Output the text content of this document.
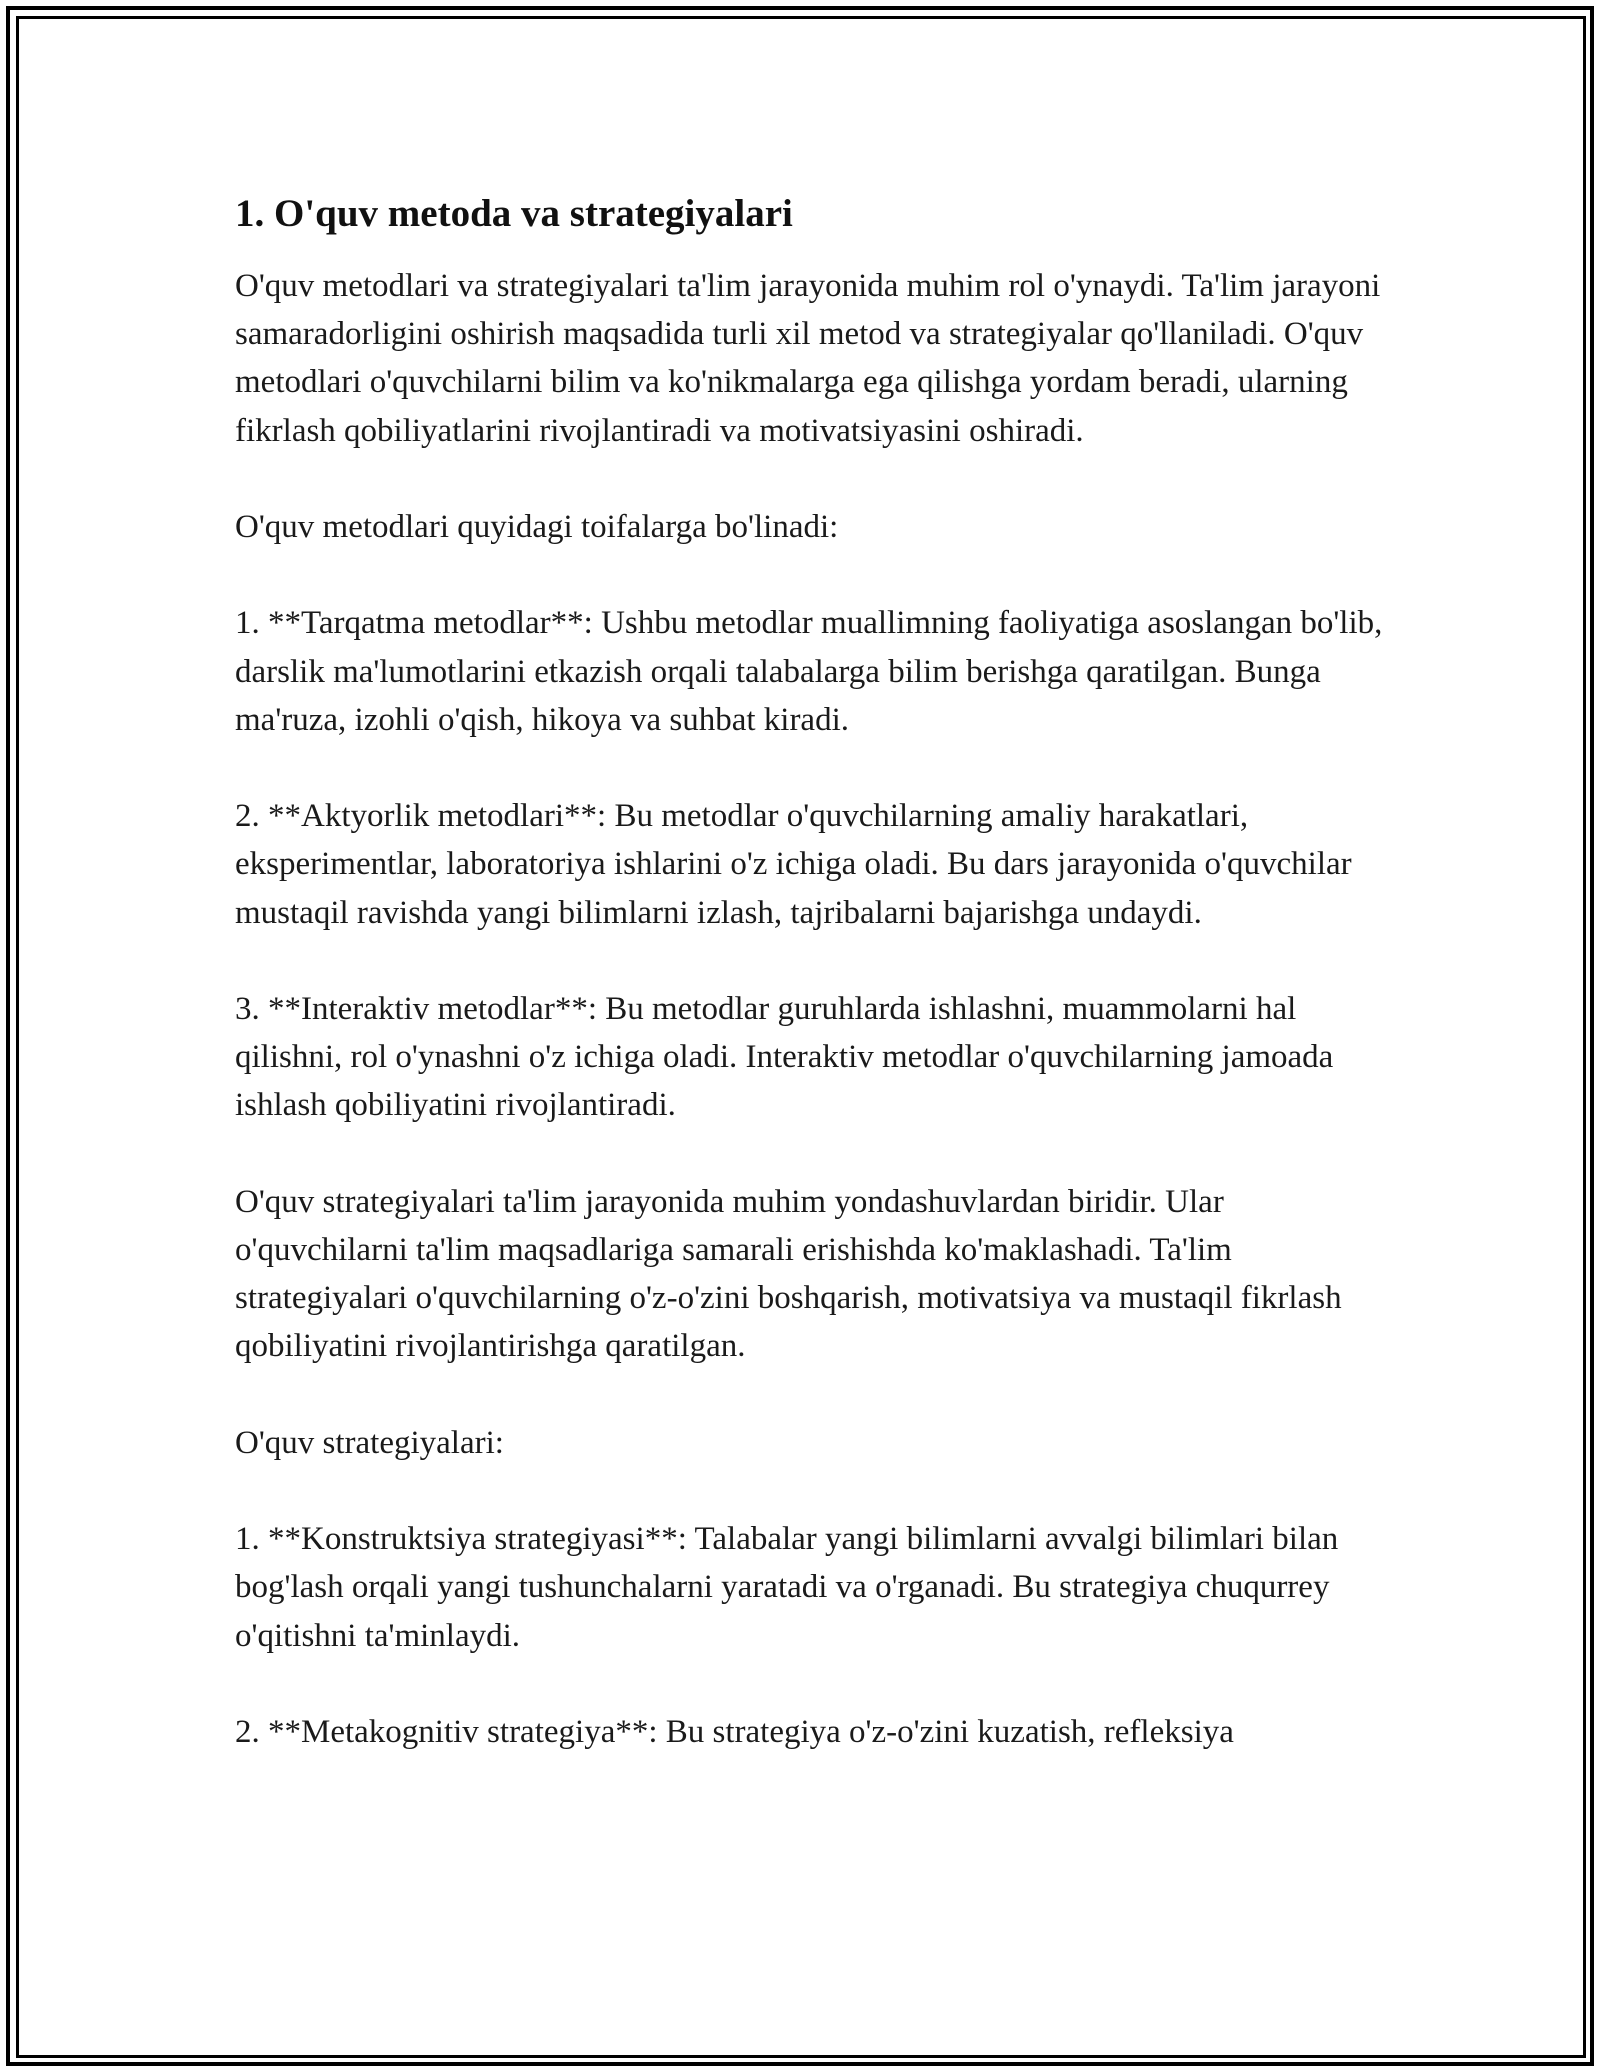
1. O'quv metoda va strategiyalari

O'quv metodlari va strategiyalari ta'lim jarayonida muhim rol o'ynaydi. Ta'lim jarayoni samaradorligini oshirish maqsadida turli xil metod va strategiyalar qo'llaniladi. O'quv metodlari o'quvchilarni bilim va ko'nikmalarga ega qilishga yordam beradi, ularning fikrlash qobiliyatlarini rivojlantiradi va motivatsiyasini oshiradi.

O'quv metodlari quyidagi toifalarga bo'linadi:

1. **Tarqatma metodlar**: Ushbu metodlar muallimning faoliyatiga asoslangan bo'lib, darslik ma'lumotlarini etkazish orqali talabalarga bilim berishga qaratilgan. Bunga ma'ruza, izohli o'qish, hikoya va suhbat kiradi.

2. **Aktyorlik metodlari**: Bu metodlar o'quvchilarning amaliy harakatlari, eksperimentlar, laboratoriya ishlarini o'z ichiga oladi. Bu dars jarayonida o'quvchilar mustaqil ravishda yangi bilimlarni izlash, tajribalarni bajarishga undaydi.

3. **Interaktiv metodlar**: Bu metodlar guruhlarda ishlashni, muammolarni hal qilishni, rol o'ynashni o'z ichiga oladi. Interaktiv metodlar o'quvchilarning jamoada ishlash qobiliyatini rivojlantiradi.

O'quv strategiyalari ta'lim jarayonida muhim yondashuvlardan biridir. Ular o'quvchilarni ta'lim maqsadlariga samarali erishishda ko'maklashadi. Ta'lim strategiyalari o'quvchilarning o'z-o'zini boshqarish, motivatsiya va mustaqil fikrlash qobiliyatini rivojlantirishga qaratilgan.

O'quv strategiyalari:

1. **Konstruktsiya strategiyasi**: Talabalar yangi bilimlarni avvalgi bilimlari bilan bog'lash orqali yangi tushunchalarni yaratadi va o'rganadi. Bu strategiya chuqurrey o'qitishni ta'minlaydi.

2. **Metakognitiv strategiya**: Bu strategiya o'z-o'zini kuzatish, refleksiya
